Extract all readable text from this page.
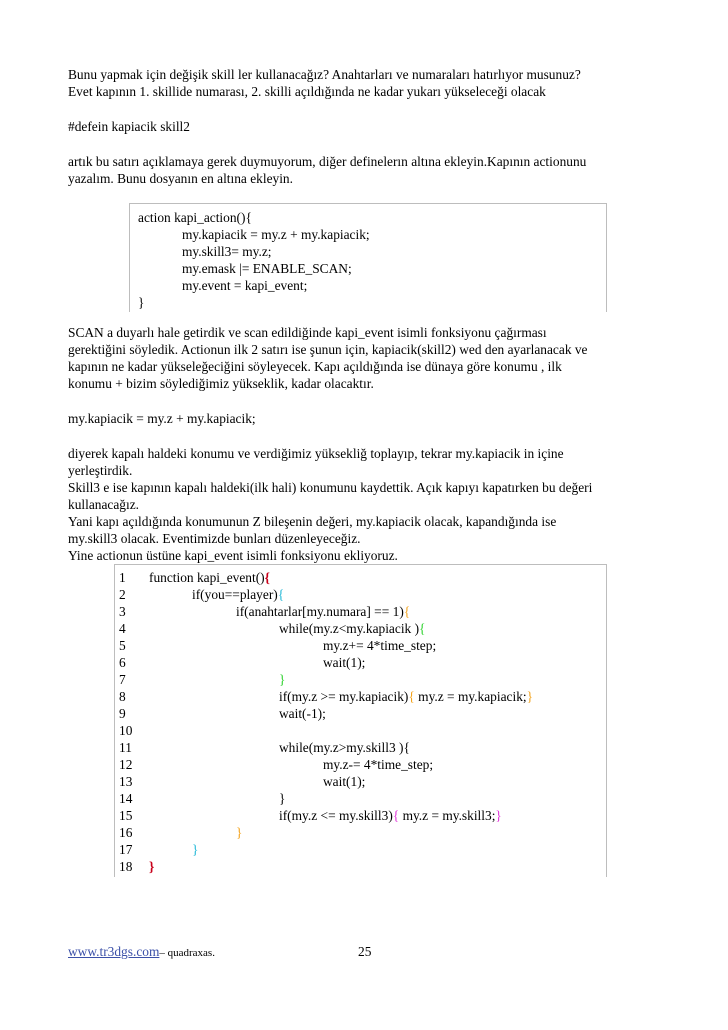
Bunu yapmak için değişik skill ler kullanacağız? Anahtarları ve numaraları hatırlıyor musunuz?
Evet kapının 1. skillide numarası, 2. skilli açıldığında ne kadar yukarı yükseleceği olacak
#defein kapiacik skill2
artık bu satırı açıklamaya gerek duymuyorum, diğer definelerın altına ekleyin.Kapının actionunu
yazalım. Bunu dosyanın en altına ekleyin.
action kapi_action(){
my.kapiacik = my.z + my.kapiacik;
my.skill3= my.z;
my.emask |= ENABLE_SCAN;
my.event = kapi_event;
}
SCAN a duyarlı hale getirdik ve scan edildiğinde kapi_event isimli fonksiyonu çağırması
gerektiğini söyledik. Actionun ilk 2 satırı ise şunun için, kapiacik(skill2) wed den ayarlanacak ve
kapının ne kadar yükseleğeciğini söyleyecek. Kapı açıldığında ise dünaya göre konumu , ilk
konumu + bizim söylediğimiz yükseklik, kadar olacaktır.
my.kapiacik = my.z + my.kapiacik;
diyerek kapalı haldeki konumu ve verdiğimiz yüksekliğ toplayıp, tekrar my.kapiacik in içine
yerleştirdik.
Skill3 e ise kapının kapalı haldeki(ilk hali) konumunu kaydettik. Açık kapıyı kapatırken bu değeri
kullanacağız.
Yani kapı açıldığında konumunun Z bileşenin değeri, my.kapiacik olacak, kapandığında ise
my.skill3 olacak. Eventimizde bunları düzenleyeceğiz.
Yine actionun üstüne kapi_event isimli fonksiyonu ekliyoruz.
1 function kapi_event(){
2	if(you==player){
3	if(anahtarlar[my.numara] == 1){
4	while(my.z<my.kapiacik ){
5	my.z+= 4*time_step;
6	wait(1);
7	}
8	if(my.z >= my.kapiacik){ my.z = my.kapiacik;}
9	wait(-1);
10
11	while(my.z>my.skill3 ){
12	my.z-= 4*time_step;
13	wait(1);
14	}
15	if(my.z <= my.skill3){ my.z = my.skill3;}
16	}
17	}
18 }
www.tr3dgs.com– quadraxas.	25
